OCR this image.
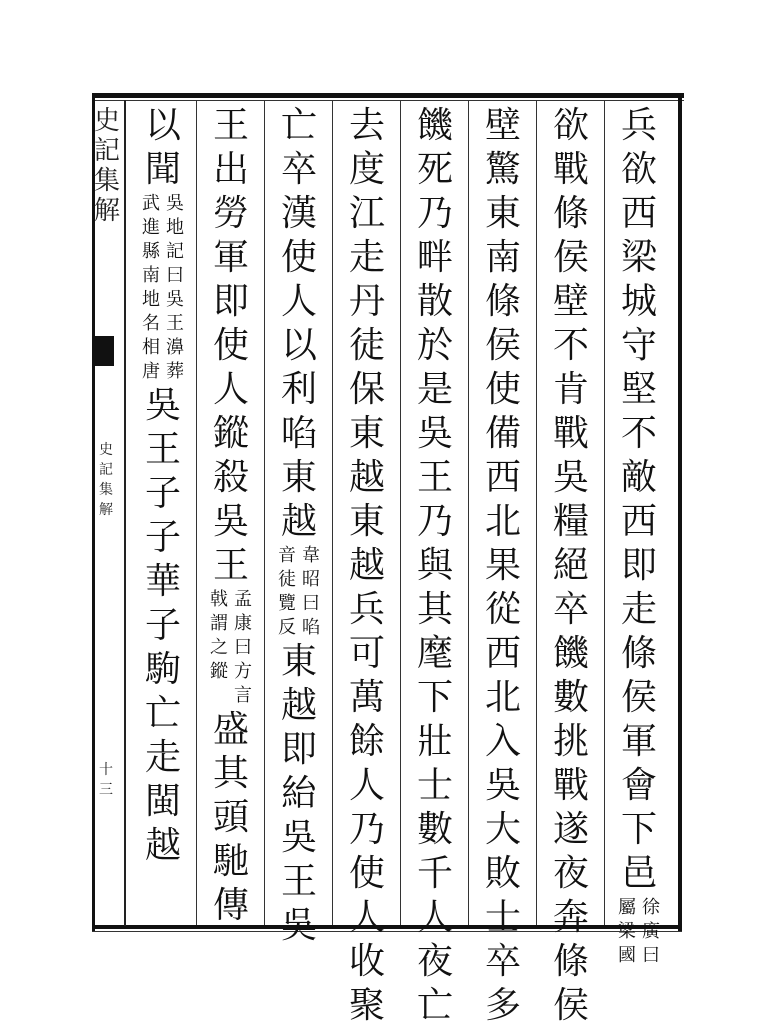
史
記
集
解
史
記
集
解
十
三
兵
欲
西
梁
城
守
堅
不
敵
西
即
走
條
侯
軍
會
下
邑
徐
廣
曰
屬
梁
國
欲
戰
條
侯
壁
不
肯
戰
吳
糧
絕
卒
饑
數
挑
戰
遂
夜
奔
條
侯
壁
驚
東
南
條
侯
使
備
西
北
果
從
西
北
入
吳
大
敗
士
卒
多
饑
死
乃
畔
散
於
是
吳
王
乃
與
其
麾
下
壯
士
數
千
人
夜
亡
去
度
江
走
丹
徒
保
東
越
東
越
兵
可
萬
餘
人
乃
使
人
收
聚
亡
卒
漢
使
人
以
利
啗
東
越
韋
昭
曰
啗
音
徒
覽
反
東
越
即
紿
吳
王
吳
王
出
勞
軍
即
使
人
鏦
殺
吳
王
孟
康
曰
方
言
戟
謂
之
鏦
盛
其
頭
馳
傳
以
聞
吳
地
記
曰
吳
王
濞
葬
武
進
縣
南
地
名
相
唐
吳
王
子
子
華
子
駒
亡
走
閩
越
